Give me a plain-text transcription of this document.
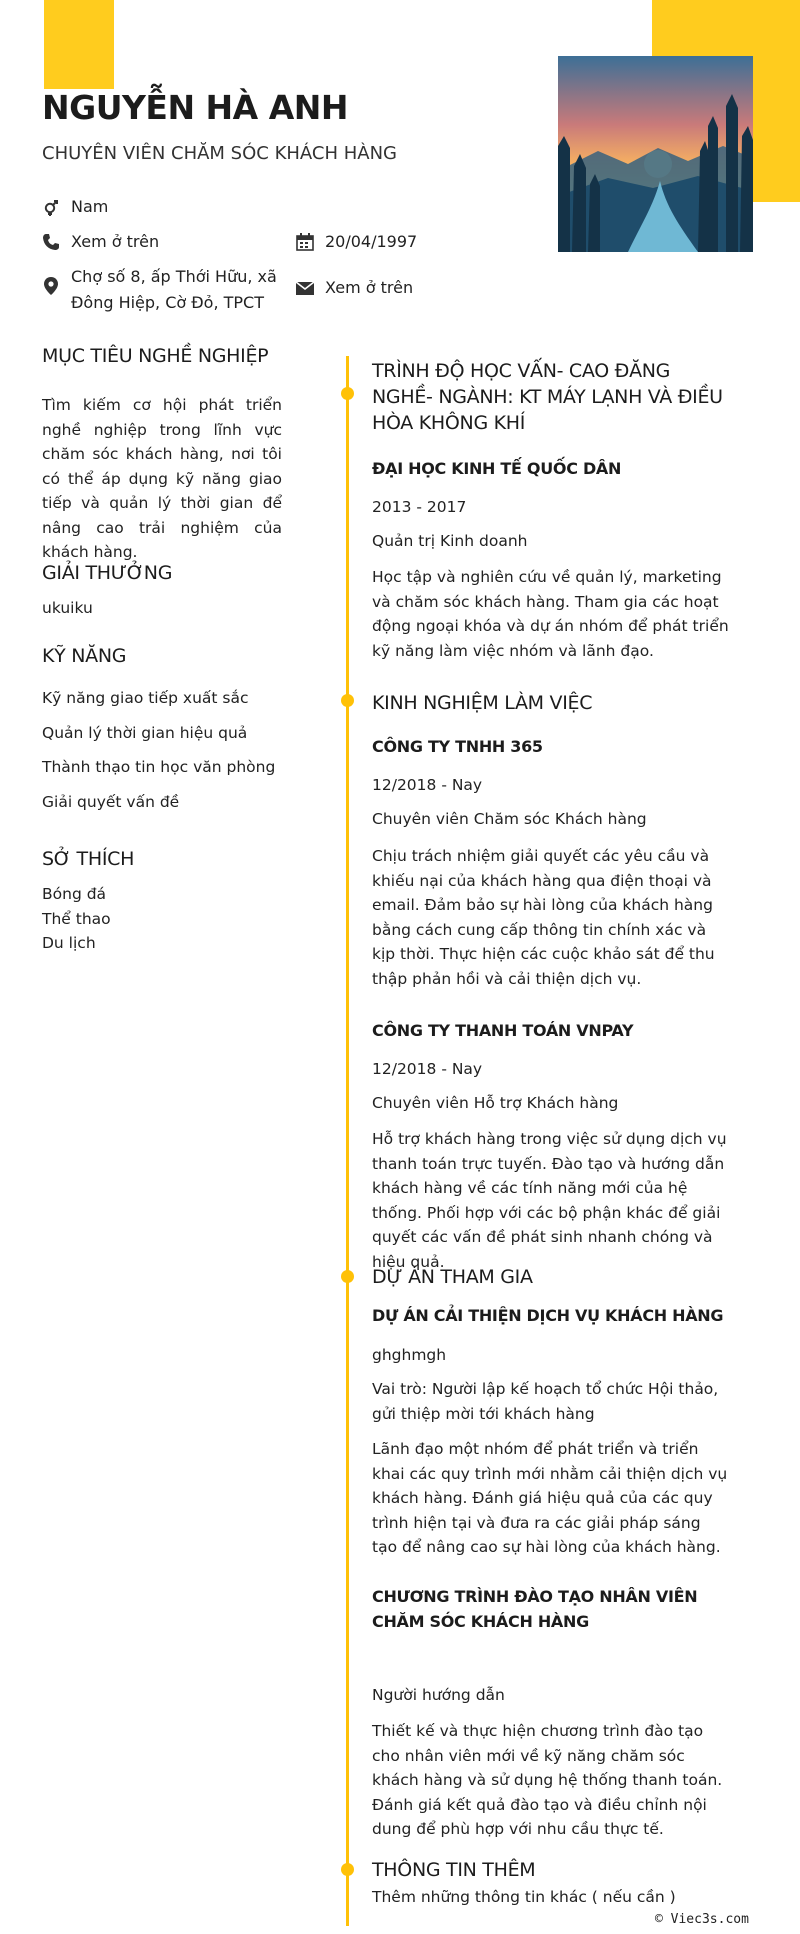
NGUYỄN HÀ ANH
CHUYÊN VIÊN CHĂM SÓC KHÁCH HÀNG
Nam
Xem ở trên	20/04/1997
Chợ số 8, ấp Thới Hữu, xã
Đông Hiệp, Cờ Đỏ, TPCT
Xem ở trên
MỤC TIÊU NGHỀ NGHIỆP
Tìm kiếm cơ hội phát triển nghề nghiệp trong lĩnh vực chăm sóc khách hàng, nơi tôi có thể áp dụng kỹ năng giao tiếp và quản lý thời gian để nâng cao trải nghiệm của khách hàng.
GIẢI THƯỞNG
ukuiku
KỸ NĂNG
Kỹ năng giao tiếp xuất sắc
Quản lý thời gian hiệu quả
Thành thạo tin học văn phòng
Giải quyết vấn đề
SỞ THÍCH
Bóng đá
Thể thao
Du lịch
TRÌNH ĐỘ HỌC VẤN- CAO ĐĂNG NGHỀ- NGÀNH: KT MÁY LẠNH VÀ ĐIỀU HÒA KHÔNG KHÍ
ĐẠI HỌC KINH TẾ QUỐC DÂN
2013 - 2017
Quản trị Kinh doanh
Học tập và nghiên cứu về quản lý, marketing và chăm sóc khách hàng. Tham gia các hoạt động ngoại khóa và dự án nhóm để phát triển kỹ năng làm việc nhóm và lãnh đạo.
KINH NGHIỆM LÀM VIỆC
CÔNG TY TNHH 365
12/2018 - Nay
Chuyên viên Chăm sóc Khách hàng
Chịu trách nhiệm giải quyết các yêu cầu và khiếu nại của khách hàng qua điện thoại và email. Đảm bảo sự hài lòng của khách hàng bằng cách cung cấp thông tin chính xác và kịp thời. Thực hiện các cuộc khảo sát để thu thập phản hồi và cải thiện dịch vụ.
CÔNG TY THANH TOÁN VNPAY
12/2018 - Nay
Chuyên viên Hỗ trợ Khách hàng
Hỗ trợ khách hàng trong việc sử dụng dịch vụ thanh toán trực tuyến. Đào tạo và hướng dẫn khách hàng về các tính năng mới của hệ thống. Phối hợp với các bộ phận khác để giải quyết các vấn đề phát sinh nhanh chóng và hiệu quả.
DỰ ÁN THAM GIA
DỰ ÁN CẢI THIỆN DỊCH VỤ KHÁCH HÀNG
ghghmgh
Vai trò: Người lập kế hoạch tổ chức Hội thảo, gửi thiệp mời tới khách hàng
Lãnh đạo một nhóm để phát triển và triển khai các quy trình mới nhằm cải thiện dịch vụ khách hàng. Đánh giá hiệu quả của các quy trình hiện tại và đưa ra các giải pháp sáng tạo để nâng cao sự hài lòng của khách hàng.
CHƯƠNG TRÌNH ĐÀO TẠO NHÂN VIÊN CHĂM SÓC KHÁCH HÀNG
Người hướng dẫn
Thiết kế và thực hiện chương trình đào tạo cho nhân viên mới về kỹ năng chăm sóc khách hàng và sử dụng hệ thống thanh toán. Đánh giá kết quả đào tạo và điều chỉnh nội dung để phù hợp với nhu cầu thực tế.
THÔNG TIN THÊM
Thêm những thông tin khác ( nếu cần )
© Viec3s.com
